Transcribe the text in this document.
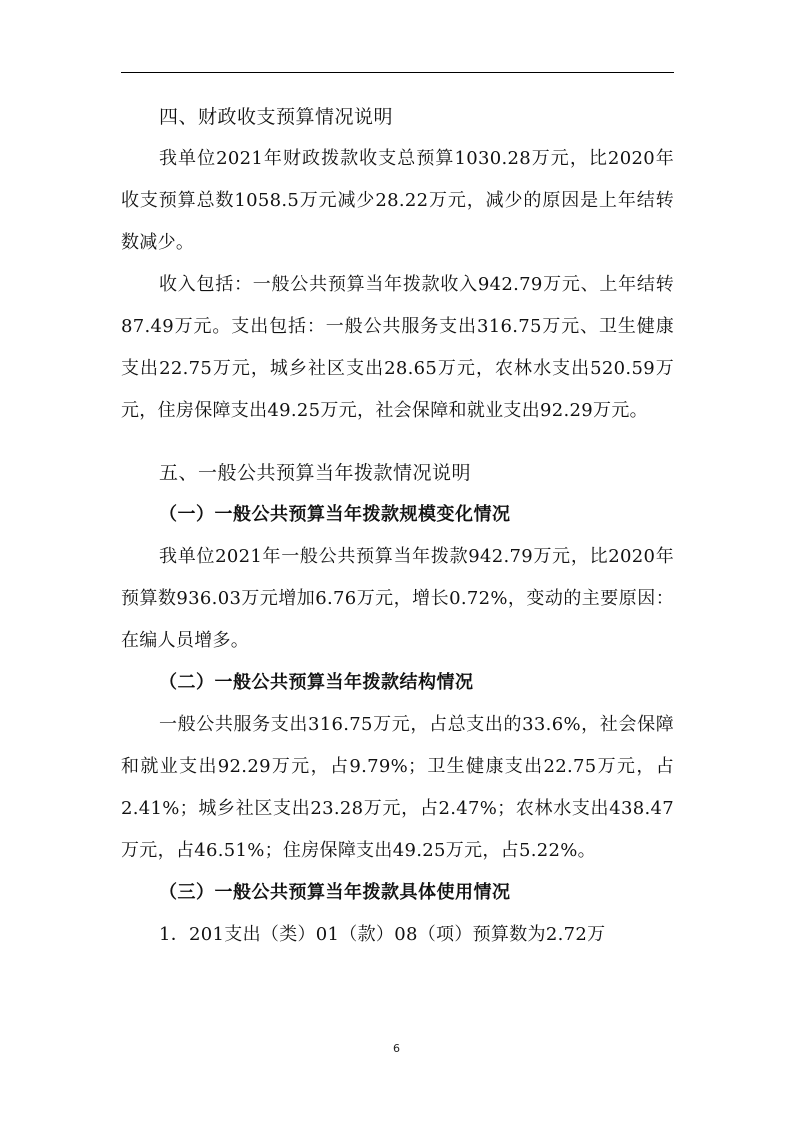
四、财政收支预算情况说明

我单位2021年财政拨款收支总预算1030.28万元，比2020年收支预算总数1058.5万元减少28.22万元，减少的原因是上年结转数减少。

收入包括：一般公共预算当年拨款收入942.79万元、上年结转87.49万元。支出包括：一般公共服务支出316.75万元、卫生健康支出22.75万元，城乡社区支出28.65万元，农林水支出520.59万元，住房保障支出49.25万元，社会保障和就业支出92.29万元。

五、一般公共预算当年拨款情况说明
（一）一般公共预算当年拨款规模变化情况

我单位2021年一般公共预算当年拨款942.79万元，比2020年预算数936.03万元增加6.76万元，增长0.72%，变动的主要原因：在编人员增多。

（二）一般公共预算当年拨款结构情况

一般公共服务支出316.75万元，占总支出的33.6%，社会保障和就业支出92.29万元，占9.79%；卫生健康支出22.75万元，占2.41%；城乡社区支出23.28万元，占2.47%；农林水支出438.47万元，占46.51%；住房保障支出49.25万元，占5.22%。

（三）一般公共预算当年拨款具体使用情况

1．201支出（类）01（款）08（项）预算数为2.72万

6
